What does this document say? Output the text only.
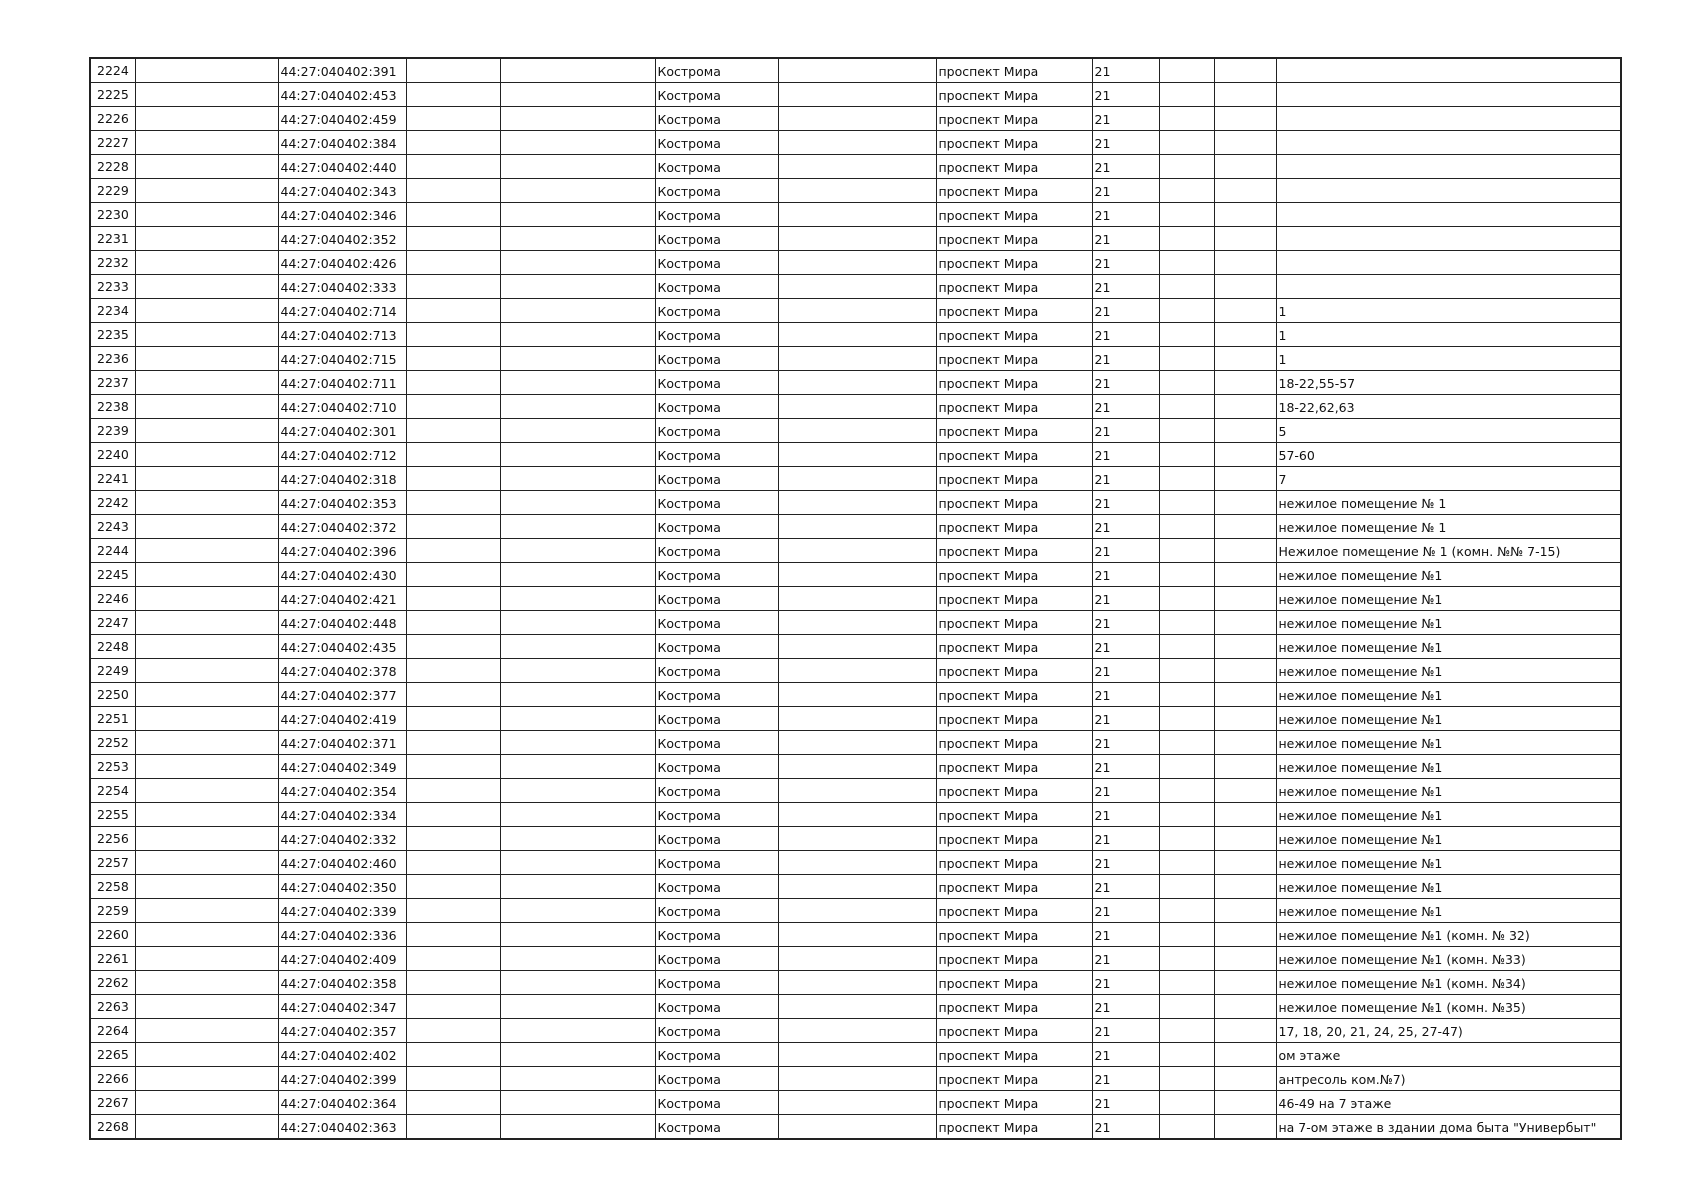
2224		44:27:040402:391			Кострома		проспект Мира	21			
2225		44:27:040402:453			Кострома		проспект Мира	21			
2226		44:27:040402:459			Кострома		проспект Мира	21			
2227		44:27:040402:384			Кострома		проспект Мира	21			
2228		44:27:040402:440			Кострома		проспект Мира	21			
2229		44:27:040402:343			Кострома		проспект Мира	21			
2230		44:27:040402:346			Кострома		проспект Мира	21			
2231		44:27:040402:352			Кострома		проспект Мира	21			
2232		44:27:040402:426			Кострома		проспект Мира	21			
2233		44:27:040402:333			Кострома		проспект Мира	21			
2234		44:27:040402:714			Кострома		проспект Мира	21			1
2235		44:27:040402:713			Кострома		проспект Мира	21			1
2236		44:27:040402:715			Кострома		проспект Мира	21			1
2237		44:27:040402:711			Кострома		проспект Мира	21			18-22,55-57
2238		44:27:040402:710			Кострома		проспект Мира	21			18-22,62,63
2239		44:27:040402:301			Кострома		проспект Мира	21			5
2240		44:27:040402:712			Кострома		проспект Мира	21			57-60
2241		44:27:040402:318			Кострома		проспект Мира	21			7
2242		44:27:040402:353			Кострома		проспект Мира	21			нежилое помещение № 1
2243		44:27:040402:372			Кострома		проспект Мира	21			нежилое помещение № 1
2244		44:27:040402:396			Кострома		проспект Мира	21			Нежилое помещение № 1 (комн. №№ 7-15)
2245		44:27:040402:430			Кострома		проспект Мира	21			нежилое помещение №1
2246		44:27:040402:421			Кострома		проспект Мира	21			нежилое помещение №1
2247		44:27:040402:448			Кострома		проспект Мира	21			нежилое помещение №1
2248		44:27:040402:435			Кострома		проспект Мира	21			нежилое помещение №1
2249		44:27:040402:378			Кострома		проспект Мира	21			нежилое помещение №1
2250		44:27:040402:377			Кострома		проспект Мира	21			нежилое помещение №1
2251		44:27:040402:419			Кострома		проспект Мира	21			нежилое помещение №1
2252		44:27:040402:371			Кострома		проспект Мира	21			нежилое помещение №1
2253		44:27:040402:349			Кострома		проспект Мира	21			нежилое помещение №1
2254		44:27:040402:354			Кострома		проспект Мира	21			нежилое помещение №1
2255		44:27:040402:334			Кострома		проспект Мира	21			нежилое помещение №1
2256		44:27:040402:332			Кострома		проспект Мира	21			нежилое помещение №1
2257		44:27:040402:460			Кострома		проспект Мира	21			нежилое помещение №1
2258		44:27:040402:350			Кострома		проспект Мира	21			нежилое помещение №1
2259		44:27:040402:339			Кострома		проспект Мира	21			нежилое помещение №1
2260		44:27:040402:336			Кострома		проспект Мира	21			нежилое помещение №1 (комн. № 32)
2261		44:27:040402:409			Кострома		проспект Мира	21			нежилое помещение №1 (комн. №33)
2262		44:27:040402:358			Кострома		проспект Мира	21			нежилое помещение №1 (комн. №34)
2263		44:27:040402:347			Кострома		проспект Мира	21			нежилое помещение №1 (комн. №35)
2264		44:27:040402:357			Кострома		проспект Мира	21			17, 18, 20, 21, 24, 25, 27-47)
2265		44:27:040402:402			Кострома		проспект Мира	21			ом этаже
2266		44:27:040402:399			Кострома		проспект Мира	21			антресоль ком.№7)
2267		44:27:040402:364			Кострома		проспект Мира	21			46-49 на 7 этаже
2268		44:27:040402:363			Кострома		проспект Мира	21			на 7-ом этаже в здании дома быта "Универбыт"
